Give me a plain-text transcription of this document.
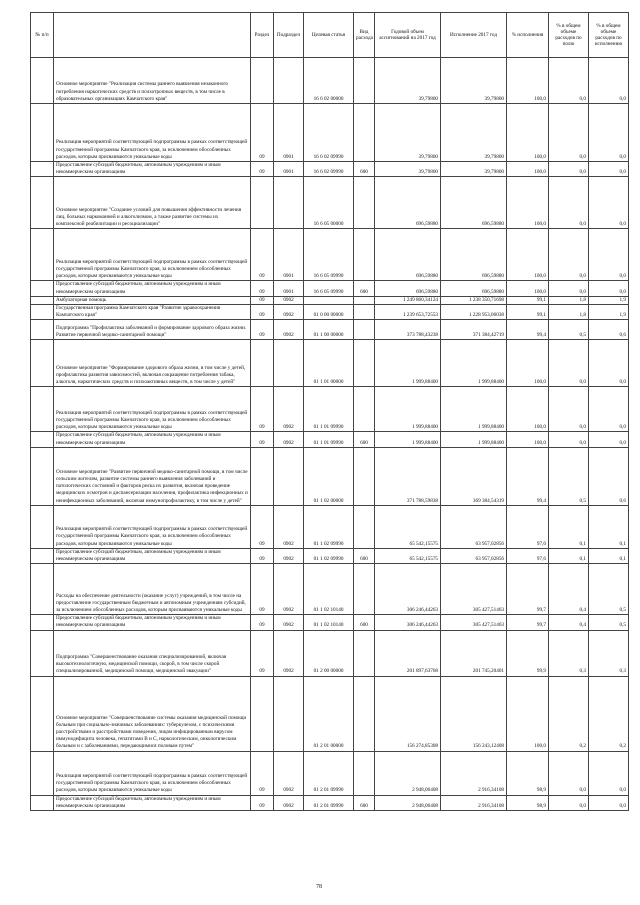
№ п/п		Раздел	Подраздел	Целевая статья	Вид расхода	Годовой объем ассигнований на 2017 год	Исполнение 2017 год	% исполнения	% в общем объеме расходов по полю	% в общем объеме расходов по исполнению
	Основное мероприятие "Реализация системы раннего выявления незаконного потребления наркотических средств и психотропных веществ, в том числе в образовательных организациях Камчатского края"			16 6 02 00000		39,79800	39,79800	100,0	0,0	0,0
	Реализация мероприятий соответствующей подпрограммы в рамках соответствующей государственной программы Камчатского края, за исключением обособленных расходов, которым присваиваются уникальные коды	09	0901	16 6 02 09990		39,79800	39,79800	100,0	0,0	0,0
	Предоставление субсидий бюджетным, автономным учреждениям и иным некоммерческим организациям	09	0901	16 6 02 09990	600	39,79800	39,79800	100,0	0,0	0,0
	Основное мероприятие "Создание условий для повышения эффективности лечения лиц, больных наркоманией и алкоголизмом, а также развитие системы их комплексной реабилитации и ресоциализации"			16 6 05 00000		696,59880	696,59880	100,0	0,0	0,0
	Реализация мероприятий соответствующей подпрограммы в рамках соответствующей государственной программы Камчатского края, за исключением обособленных расходов, которым присваиваются уникальные коды	09	0901	16 6 05 09990		696,59880	696,59880	100,0	0,0	0,0
	Предоставление субсидий бюджетным, автономным учреждениям и иным некоммерческим организациям	09	0901	16 6 05 09990	600	696,59880	696,59880	100,0	0,0	0,0
	Амбулаторная помощь	09	0902			1 249 860,34124	1 238 350,71698	99,1	1,8	1,9
	Государственная программа Камчатского края "Развитие здравоохранения Камчатского края"	09	0902	01 0 00 00000		1 239 653,72553	1 228 953,06038	99,1	1,8	1,9
	Подпрограмма "Профилактика заболеваний и формирование здорового образа жизни. Развитие первичной медико-санитарной помощи"	09	0902	01 1 00 00000		373 788,43238	371 384,42719	99,4	0,5	0,6
	Основное мероприятие "Формирование здорового образа жизни, в том числе у детей, профилактика развития зависимостей, включая сокращение потребления табака, алкоголя, наркотических средств и психоактивных веществ, в том числе у детей"			01 1 01 00000		1 999,88400	1 999,88400	100,0	0,0	0,0
	Реализация мероприятий соответствующей подпрограммы в рамках соответствующей государственной программы Камчатского края, за исключением обособленных расходов, которым присваиваются уникальные коды	09	0902	01 1 01 09990		1 999,88400	1 999,88400	100,0	0,0	0,0
	Предоставление субсидий бюджетным, автономным учреждениям и иным некоммерческим организациям	09	0902	01 1 01 09990	600	1 999,88400	1 999,88400	100,0	0,0	0,0
	Основное мероприятие "Развитие первичной медико-санитарной помощи, в том числе сельским жителям, развитие системы раннего выявления заболеваний и патологических состояний и факторов риска их развития, включая проведение медицинских осмотров и диспансеризации населения, профилактика инфекционных и неинфекционных заболеваний, включая иммунопрофилактику, в том числе у детей"			01 1 02 00000		371 788,59838	369 384,54319	99,4	0,5	0,6
	Реализация мероприятий соответствующей подпрограммы в рамках соответствующей государственной программы Камчатского края, за исключением обособленных расходов, которым присваиваются уникальные коды	09	0902	01 1 02 09990		65 542,15575	63 957,02856	97,6	0,1	0,1
	Предоставление субсидий бюджетным, автономным учреждениям и иным некоммерческим организациям	09	0902	01 1 02 09990	600	65 542,15575	63 957,02856	97,6	0,1	0,1
	Расходы на обеспечение деятельности (оказание услуг) учреждений, в том числе на предоставление государственным бюджетным и автономным учреждениям субсидий, за исключением обособленных расходов, которым присваиваются уникальные коды	09	0902	01 1 02 10140		306 246,44263	305 427,51463	99,7	0,4	0,5
	Предоставление субсидий бюджетным, автономным учреждениям и иным некоммерческим организациям	09	0902	01 1 02 10140	600	306 246,44263	305 427,51463	99,7	0,4	0,5
	Подпрограмма "Совершенствование оказания специализированной, включая высокотехнологичную, медицинской помощи, скорой, в том числе скорой специализированной, медицинской помощи, медицинской эвакуации"	09	0902	01 2 00 00000		201 897,63768	201 745,20401	99,9	0,3	0,3
	Основное мероприятие "Совершенствование системы оказания медицинской помощи больным при социально-значимых заболеваниях: туберкулезом, с психическими расстройствами и расстройствами поведения, лицам инфицированным вирусом иммунодефицита человека, гепатитами В и С, наркологическим, онкологическим больным и с заболеваниями, передающимися половым путем"			01 2 01 00000		156 274,85308	156 243,12408	100,0	0,2	0,2
	Реализация мероприятий соответствующей подпрограммы в рамках соответствующей государственной программы Камчатского края, за исключением обособленных расходов, которым присваиваются уникальные коды	09	0902	01 2 01 09990		2 948,06408	2 916,34108	98,9	0,0	0,0
	Предоставление субсидий бюджетным, автономным учреждениям и иным некоммерческим организациям	09	0902	01 2 01 09990	600	2 948,06408	2 916,34108	98,9	0,0	0,0
78
